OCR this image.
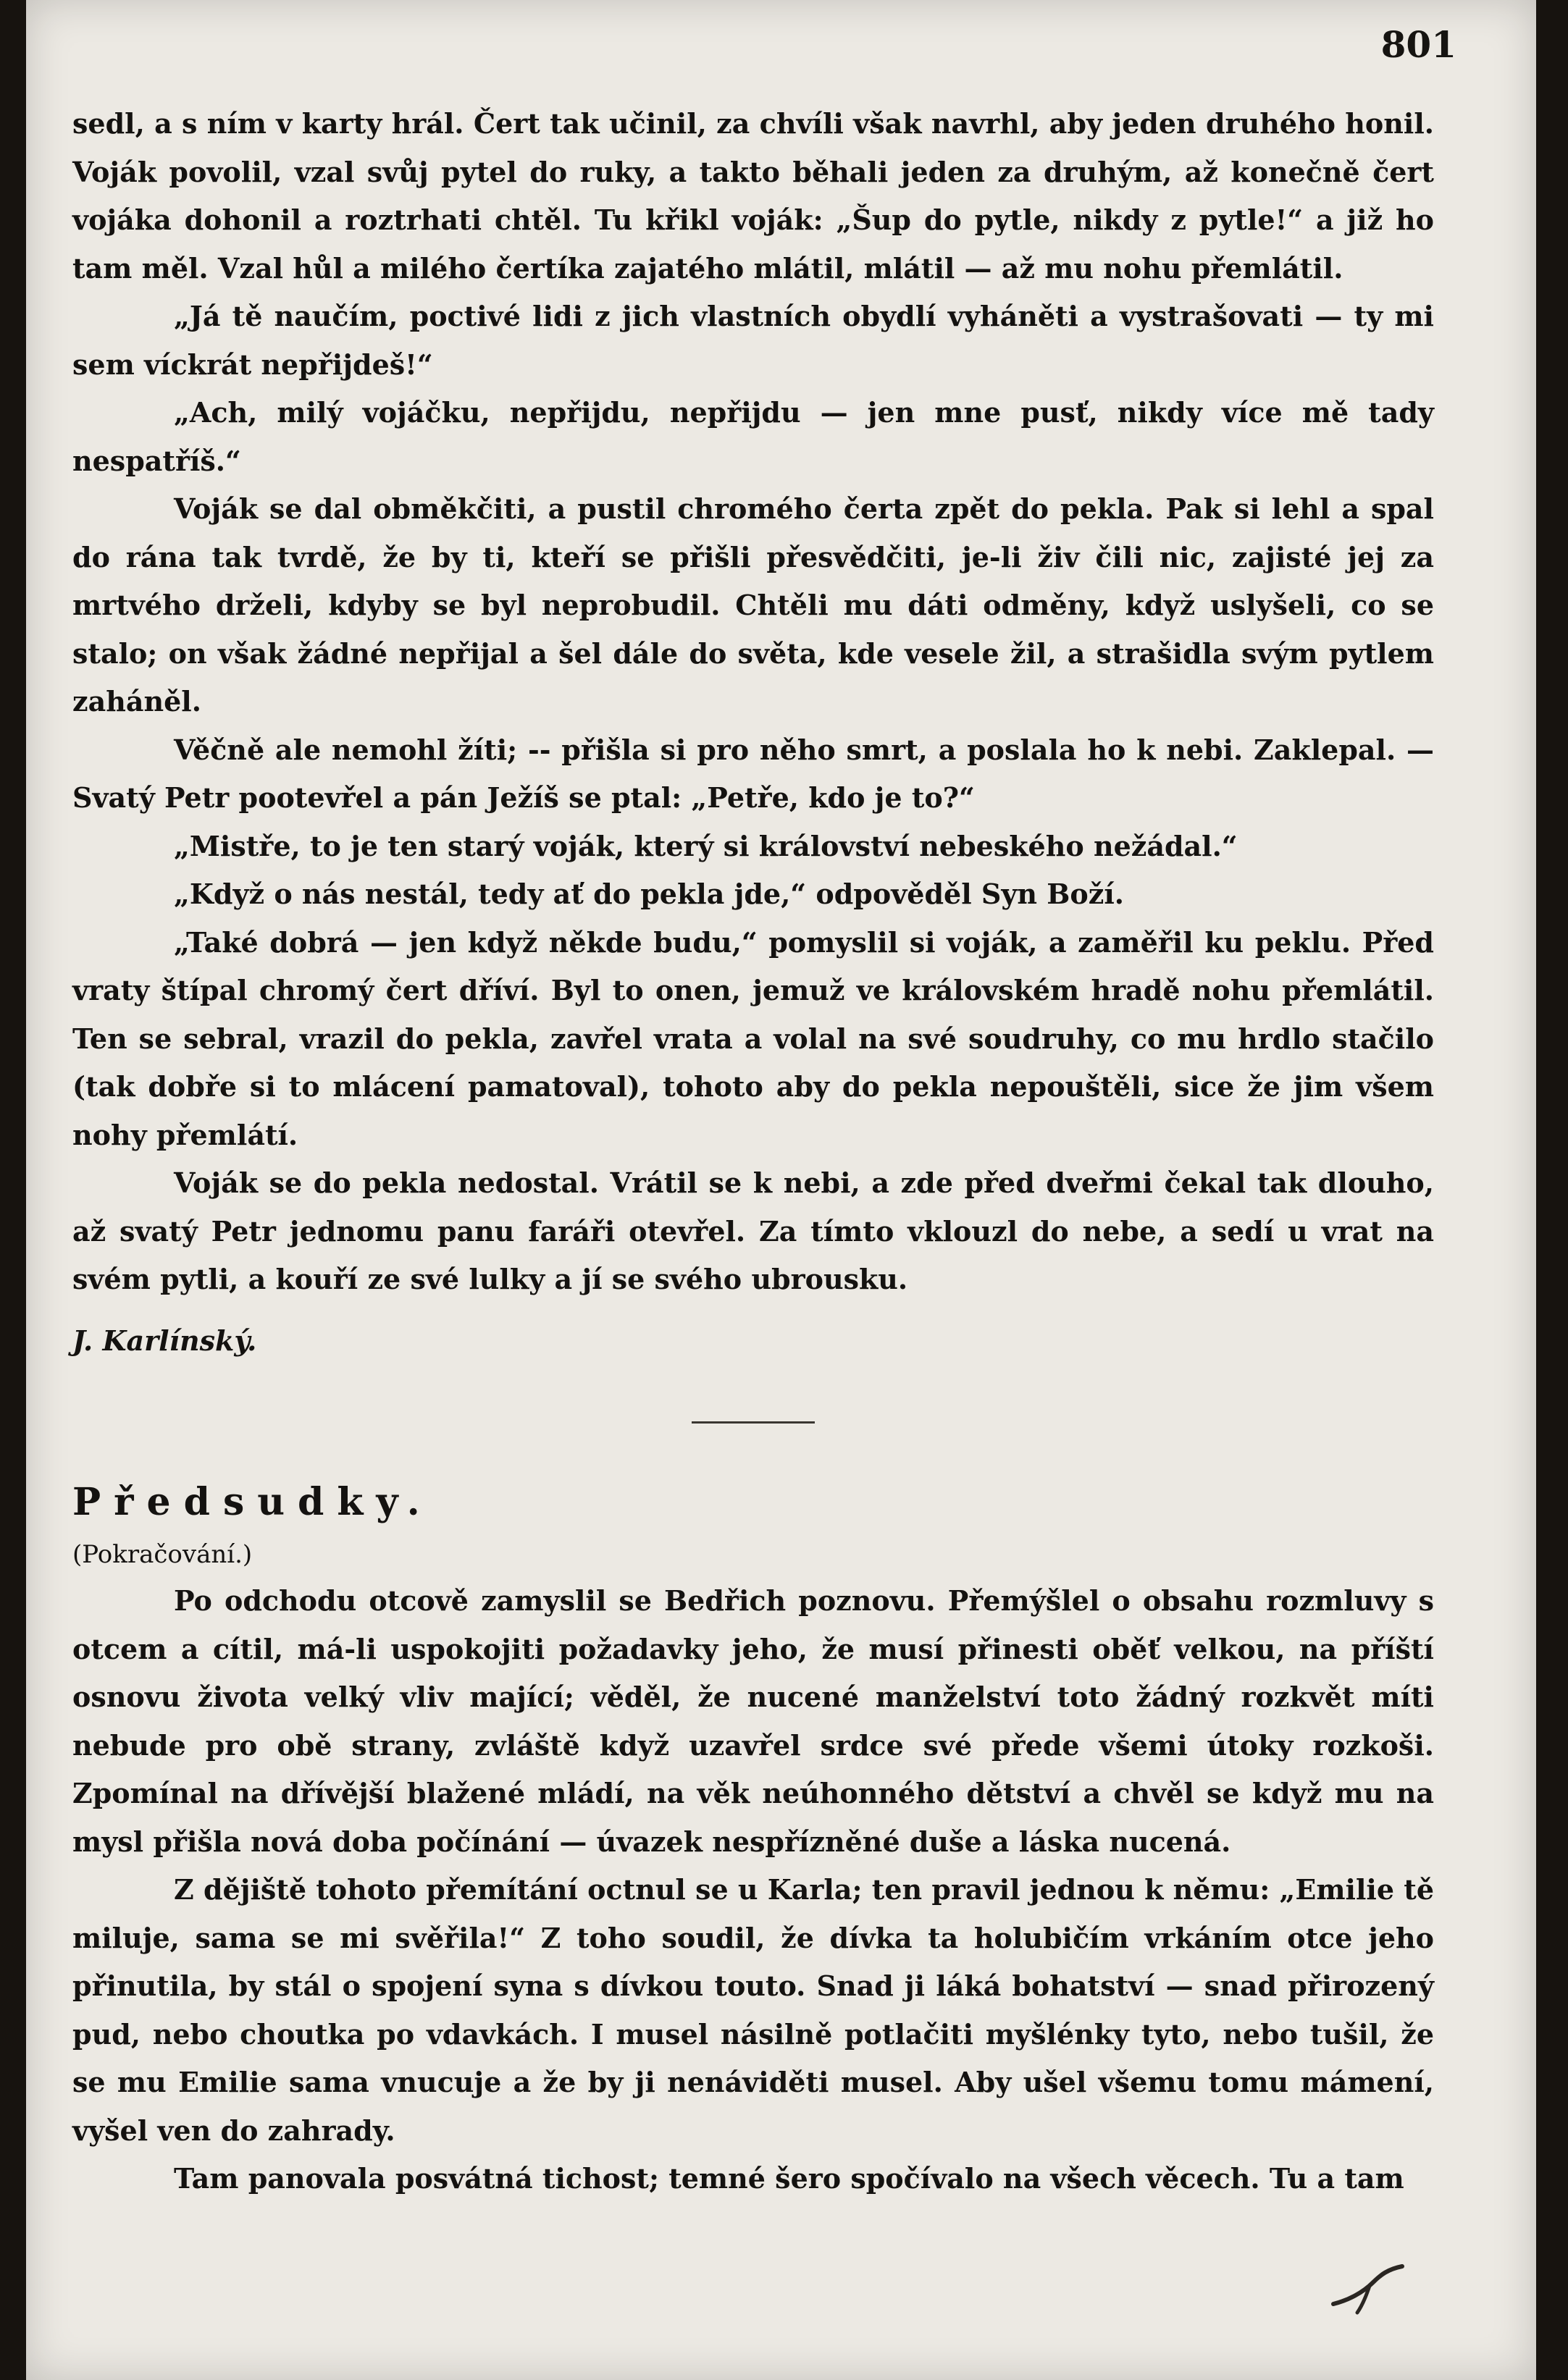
801

sedl, a s ním v karty hrál. Čert tak učinil, za chvíli však navrhl, aby jeden druhého honil. Voják povolil, vzal svůj pytel do ruky, a takto běhali jeden za druhým, až konečně čert vojáka dohonil a roztrhati chtěl. Tu křikl voják: „Šup do pytle, nikdy z pytle!“ a již ho tam měl. Vzal hůl a milého čertíka zajatého mlátil, mlátil — až mu nohu přemlátil.

„Já tě naučím, poctivé lidi z jich vlastních obydlí vyháněti a vystrašovati — ty mi sem víckrát nepřijdeš!“

„Ach, milý vojáčku, nepřijdu, nepřijdu — jen mne pusť, nikdy více mě tady nespatříš.“

Voják se dal obměkčiti, a pustil chromého čerta zpět do pekla. Pak si lehl a spal do rána tak tvrdě, že by ti, kteří se přišli přesvědčiti, je-li živ čili nic, zajisté jej za mrtvého drželi, kdyby se byl neprobudil. Chtěli mu dáti odměny, když uslyšeli, co se stalo; on však žádné nepřijal a šel dále do světa, kde vesele žil, a strašidla svým pytlem zaháněl.

Věčně ale nemohl žíti; -- přišla si pro něho smrt, a poslala ho k nebi. Zaklepal. — Svatý Petr pootevřel a pán Ježíš se ptal: „Petře, kdo je to?“

„Mistře, to je ten starý voják, který si království nebeského nežádal.“

„Když o nás nestál, tedy ať do pekla jde,“ odpověděl Syn Boží.

„Také dobrá — jen když někde budu,“ pomyslil si voják, a zaměřil ku peklu. Před vraty štípal chromý čert dříví. Byl to onen, jemuž ve královském hradě nohu přemlátil. Ten se sebral, vrazil do pekla, zavřel vrata a volal na své soudruhy, co mu hrdlo stačilo (tak dobře si to mlácení pamatoval), tohoto aby do pekla nepouštěli, sice že jim všem nohy přemlátí.

Voják se do pekla nedostal. Vrátil se k nebi, a zde před dveřmi čekal tak dlouho, až svatý Petr jednomu panu faráři otevřel. Za tímto vklouzl do nebe, a sedí u vrat na svém pytli, a kouří ze své lulky a jí se svého ubrousku.

J. Karlínský.

Předsudky.

(Pokračování.)

Po odchodu otcově zamyslil se Bedřich poznovu. Přemýšlel o obsahu rozmluvy s otcem a cítil, má-li uspokojiti požadavky jeho, že musí přinesti oběť velkou, na příští osnovu života velký vliv mající; věděl, že nucené manželství toto žádný rozkvět míti nebude pro obě strany, zvláště když uzavřel srdce své přede všemi útoky rozkoši. Zpomínal na dřívější blažené mládí, na věk neúhonného dětství a chvěl se když mu na mysl přišla nová doba počínání — úvazek nespřízněné duše a láska nucená.

Z dějiště tohoto přemítání octnul se u Karla; ten pravil jednou k němu: „Emilie tě miluje, sama se mi svěřila!“ Z toho soudil, že dívka ta holubičím vrkáním otce jeho přinutila, by stál o spojení syna s dívkou touto. Snad ji láká bohatství — snad přirozený pud, nebo choutka po vdavkách. I musel násilně potlačiti myšlénky tyto, nebo tušil, že se mu Emilie sama vnucuje a že by ji nenáviděti musel. Aby ušel všemu tomu mámení, vyšel ven do zahrady.

Tam panovala posvátná tichost; temné šero spočívalo na všech věcech. Tu a tam
